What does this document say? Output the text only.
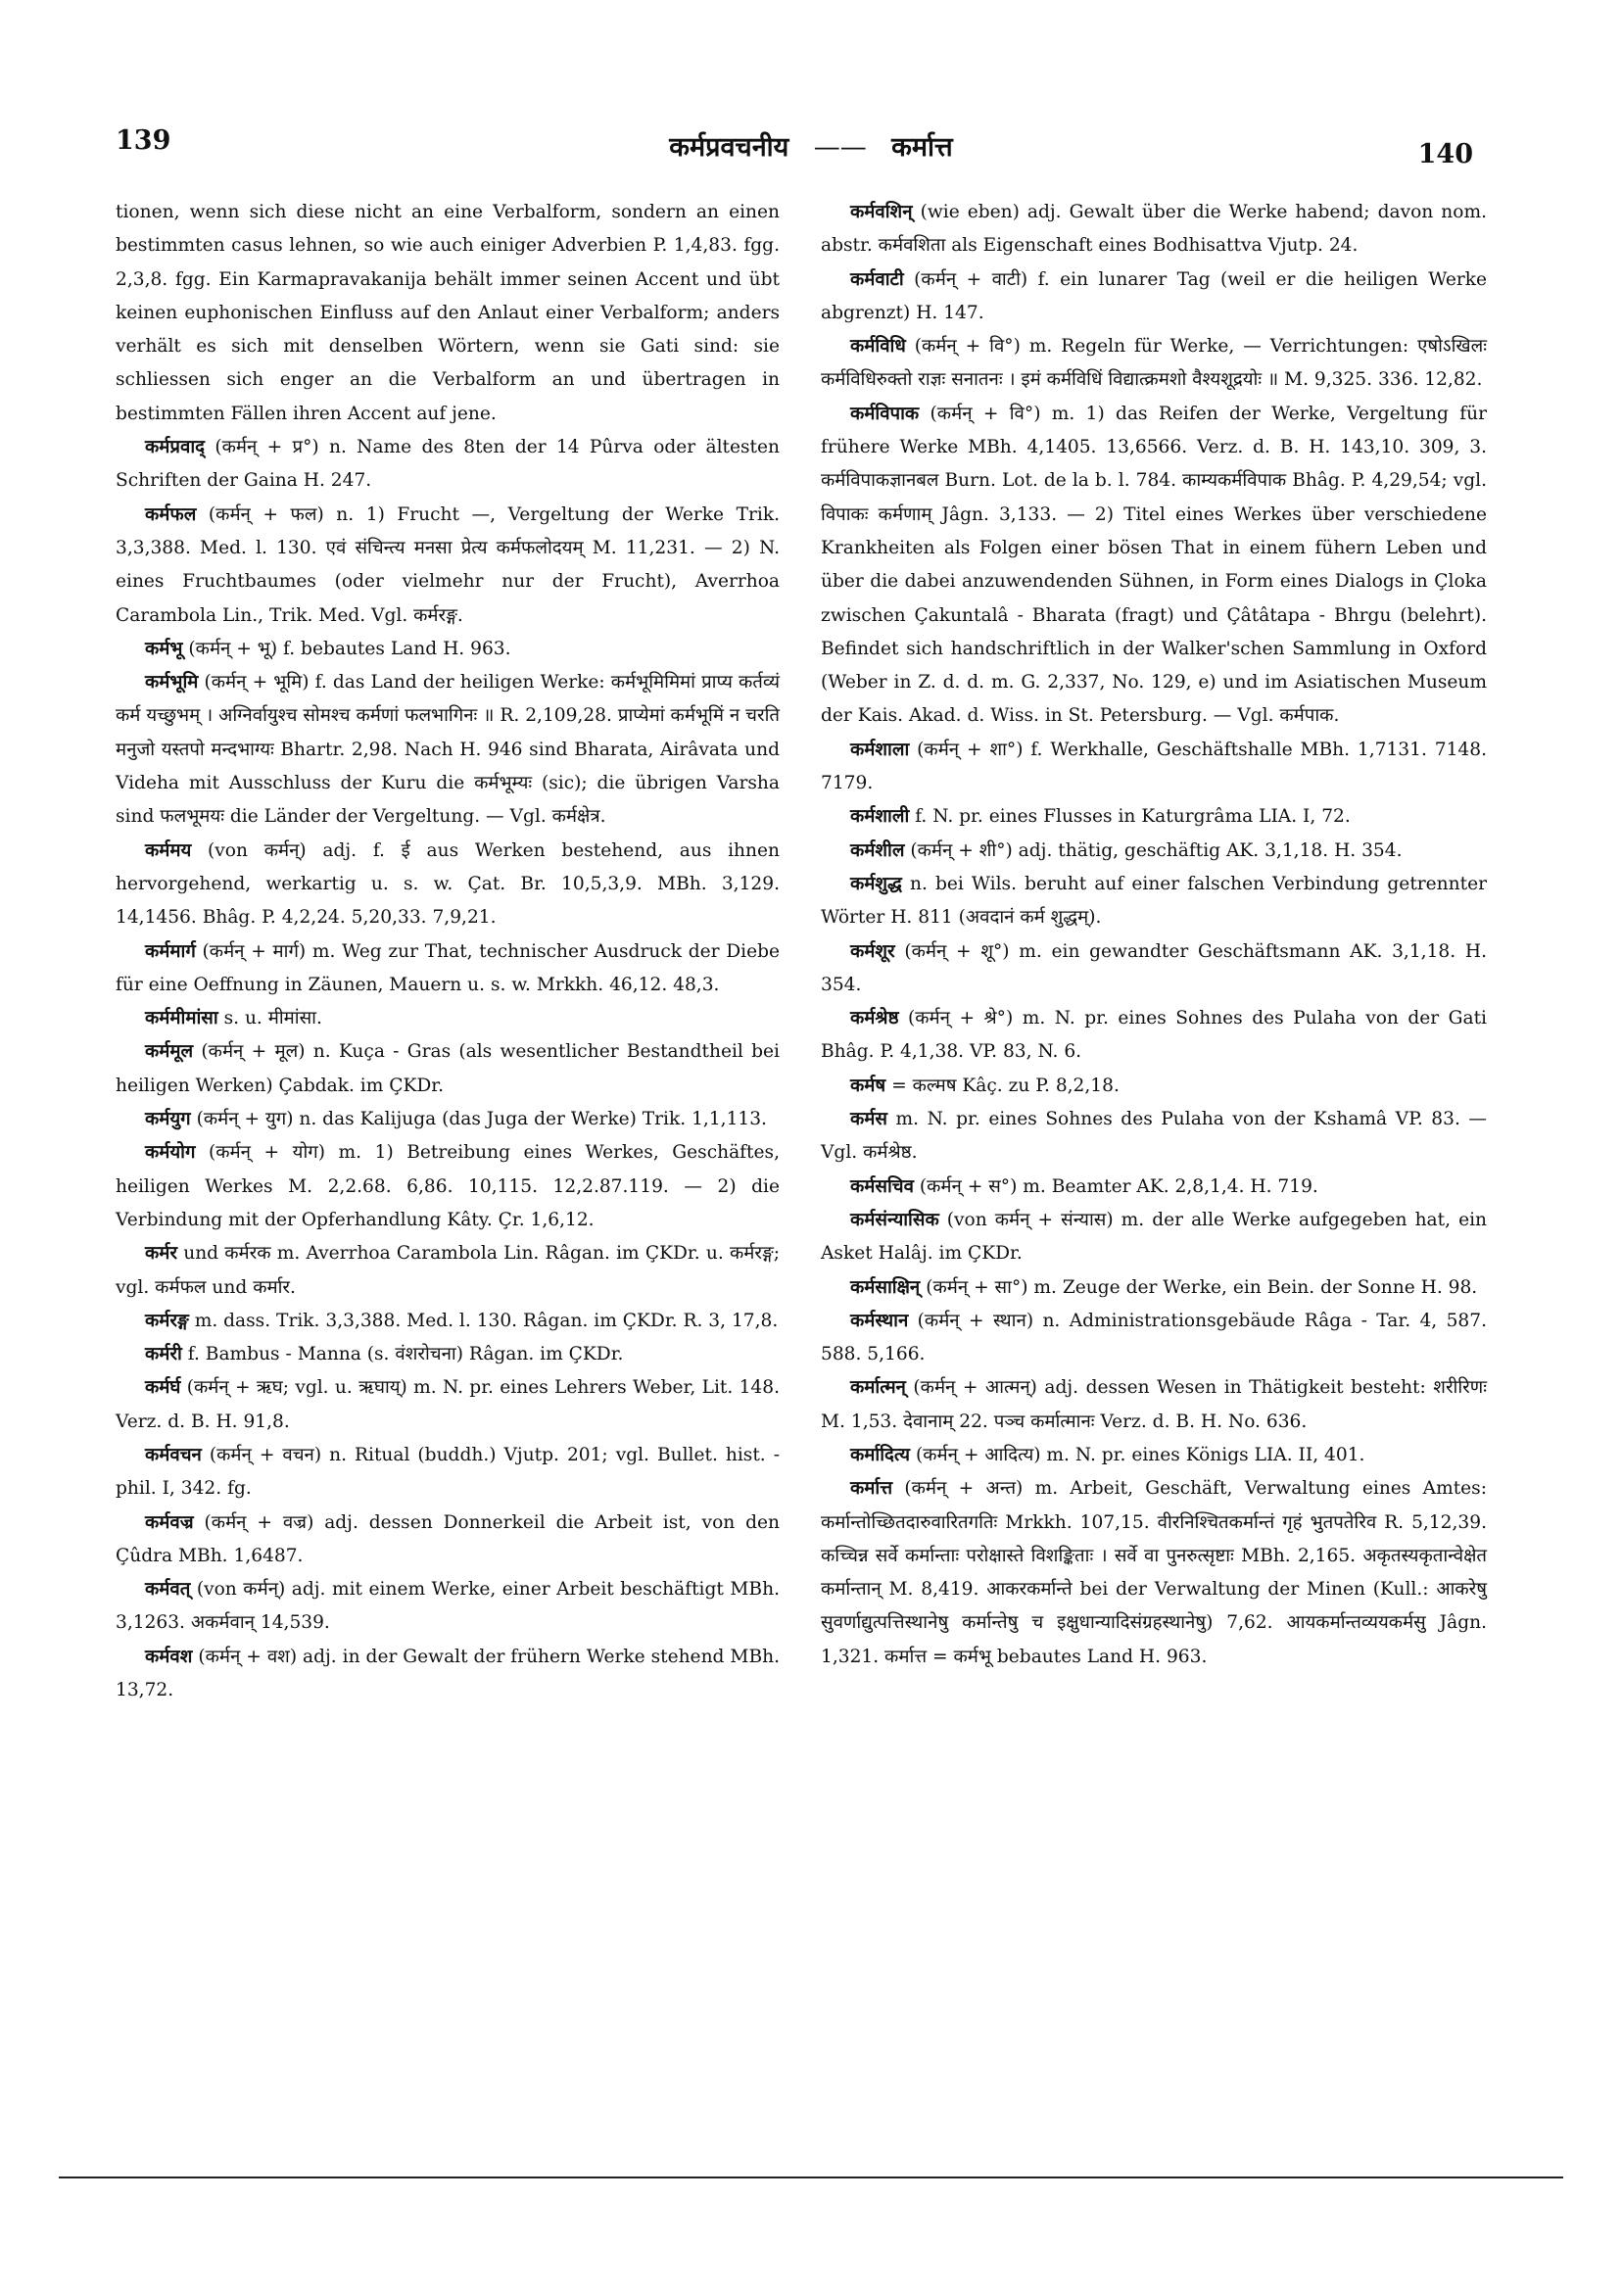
139	कर्मप्रवचनीय —— कर्मात्त	140

tionen, wenn sich diese nicht an eine Verbalform, sondern an einen bestimmten casus lehnen, so wie auch einiger Adverbien P. 1,4,83. fgg. 2,3,8. fgg. Ein Karmapravakanija behält immer seinen Accent und übt keinen euphonischen Einfluss auf den Anlaut einer Verbalform; anders verhält es sich mit denselben Wörtern, wenn sie Gati sind: sie schliessen sich enger an die Verbalform an und übertragen in bestimmten Fällen ihren Accent auf jene.

कर्मप्रवाद् (कर्मन् + प्र°) n. Name des 8ten der 14 Pûrva oder ältesten Schriften der Gaina H. 247.

कर्मफल (कर्मन् + फल) n. 1) Frucht —, Vergeltung der Werke Trik. 3,3,388. Med. l. 130. एवं संचिन्त्य मनसा प्रेत्य कर्मफलोदयम् M. 11,231. — 2) N. eines Fruchtbaumes (oder vielmehr nur der Frucht), Averrhoa Carambola Lin., Trik. Med. Vgl. कर्मरङ्ग.

कर्मभू (कर्मन् + भू) f. bebautes Land H. 963.

कर्मभूमि (कर्मन् + भूमि) f. das Land der heiligen Werke: कर्मभूमिमिमां प्राप्य कर्तव्यं कर्म यच्छुभम् । अग्निर्वायुश्च सोमश्च कर्मणां फलभागिनः ॥ R. 2,109,28. प्राप्येमां कर्मभूमिं न चरति मनुजो यस्तपो मन्दभाग्यः Bhartr. 2,98. Nach H. 946 sind Bharata, Airâvata und Videha mit Ausschluss der Kuru die कर्मभूम्यः (sic); die übrigen Varsha sind फलभूमयः die Länder der Vergeltung. — Vgl. कर्मक्षेत्र.

कर्ममय (von कर्मन्) adj. f. ई aus Werken bestehend, aus ihnen hervorgehend, werkartig u. s. w. Çat. Br. 10,5,3,9. MBh. 3,129. 14,1456. Bhâg. P. 4,2,24. 5,20,33. 7,9,21.

कर्ममार्ग (कर्मन् + मार्ग) m. Weg zur That, technischer Ausdruck der Diebe für eine Oeffnung in Zäunen, Mauern u. s. w. Mrkkh. 46,12. 48,3.

कर्ममीमांसा s. u. मीमांसा.

कर्ममूल (कर्मन् + मूल) n. Kuça - Gras (als wesentlicher Bestandtheil bei heiligen Werken) Çabdak. im ÇKDr.

कर्मयुग (कर्मन् + युग) n. das Kalijuga (das Juga der Werke) Trik. 1,1,113.

कर्मयोग (कर्मन् + योग) m. 1) Betreibung eines Werkes, Geschäftes, heiligen Werkes M. 2,2.68. 6,86. 10,115. 12,2.87.119. — 2) die Verbindung mit der Opferhandlung Kâty. Çr. 1,6,12.

कर्मर und कर्मरक m. Averrhoa Carambola Lin. Râgan. im ÇKDr. u. कर्मरङ्ग; vgl. कर्मफल und कर्मार.

कर्मरङ्ग m. dass. Trik. 3,3,388. Med. l. 130. Râgan. im ÇKDr. R. 3, 17,8.

कर्मरी f. Bambus - Manna (s. वंशरोचना) Râgan. im ÇKDr.

कर्मर्घ (कर्मन् + ऋघ; vgl. u. ऋघाय्) m. N. pr. eines Lehrers Weber, Lit. 148. Verz. d. B. H. 91,8.

कर्मवचन (कर्मन् + वचन) n. Ritual (buddh.) Vjutp. 201; vgl. Bullet. hist. - phil. I, 342. fg.

कर्मवज्र (कर्मन् + वज्र) adj. dessen Donnerkeil die Arbeit ist, von den Çûdra MBh. 1,6487.

कर्मवत् (von कर्मन्) adj. mit einem Werke, einer Arbeit beschäftigt MBh. 3,1263. अकर्मवान् 14,539.

कर्मवश (कर्मन् + वश) adj. in der Gewalt der frühern Werke stehend MBh. 13,72.

कर्मवशिन् (wie eben) adj. Gewalt über die Werke habend; davon nom. abstr. कर्मवशिता als Eigenschaft eines Bodhisattva Vjutp. 24.

कर्मवाटी (कर्मन् + वाटी) f. ein lunarer Tag (weil er die heiligen Werke abgrenzt) H. 147.

कर्मविधि (कर्मन् + वि°) m. Regeln für Werke, — Verrichtungen: एषोऽखिलः कर्मविधिरुक्तो राज्ञः सनातनः । इमं कर्मविधिं विद्यात्क्रमशो वैश्यशूद्रयोः ॥ M. 9,325. 336. 12,82.

कर्मविपाक (कर्मन् + वि°) m. 1) das Reifen der Werke, Vergeltung für frühere Werke MBh. 4,1405. 13,6566. Verz. d. B. H. 143,10. 309, 3. कर्मविपाकज्ञानबल Burn. Lot. de la b. l. 784. काम्यकर्मविपाक Bhâg. P. 4,29,54; vgl. विपाकः कर्मणाम् Jâgn. 3,133. — 2) Titel eines Werkes über verschiedene Krankheiten als Folgen einer bösen That in einem fühern Leben und über die dabei anzuwendenden Sühnen, in Form eines Dialogs in Çloka zwischen Çakuntalâ - Bharata (fragt) und Çâtâtapa - Bhrgu (belehrt). Befindet sich handschriftlich in der Walker'schen Sammlung in Oxford (Weber in Z. d. d. m. G. 2,337, No. 129, e) und im Asiatischen Museum der Kais. Akad. d. Wiss. in St. Petersburg. — Vgl. कर्मपाक.

कर्मशाला (कर्मन् + शा°) f. Werkhalle, Geschäftshalle MBh. 1,7131. 7148. 7179.

कर्मशाली f. N. pr. eines Flusses in Katurgrâma LIA. I, 72.

कर्मशील (कर्मन् + शी°) adj. thätig, geschäftig AK. 3,1,18. H. 354.

कर्मशुद्ध n. bei Wils. beruht auf einer falschen Verbindung getrennter Wörter H. 811 (अवदानं कर्म शुद्धम्).

कर्मशूर (कर्मन् + शू°) m. ein gewandter Geschäftsmann AK. 3,1,18. H. 354.

कर्मश्रेष्ठ (कर्मन् + श्रे°) m. N. pr. eines Sohnes des Pulaha von der Gati Bhâg. P. 4,1,38. VP. 83, N. 6.

कर्मष = कल्मष Kâç. zu P. 8,2,18.

कर्मस m. N. pr. eines Sohnes des Pulaha von der Kshamâ VP. 83. — Vgl. कर्मश्रेष्ठ.

कर्मसचिव (कर्मन् + स°) m. Beamter AK. 2,8,1,4. H. 719.

कर्मसंन्यासिक (von कर्मन् + संन्यास) m. der alle Werke aufgegeben hat, ein Asket Halâj. im ÇKDr.

कर्मसाक्षिन् (कर्मन् + सा°) m. Zeuge der Werke, ein Bein. der Sonne H. 98.

कर्मस्थान (कर्मन् + स्थान) n. Administrationsgebäude Râga - Tar. 4, 587. 588. 5,166.

कर्मात्मन् (कर्मन् + आत्मन्) adj. dessen Wesen in Thätigkeit besteht: शरीरिणः M. 1,53. देवानाम् 22. पञ्च कर्मात्मानः Verz. d. B. H. No. 636.

कर्मादित्य (कर्मन् + आदित्य) m. N. pr. eines Königs LIA. II, 401.

कर्मात्त (कर्मन् + अन्त) m. Arbeit, Geschäft, Verwaltung eines Amtes: कर्मान्तोच्छितदारुवारितगतिः Mrkkh. 107,15. वीरनिश्चितकर्मान्तं गृहं भुतपतेरिव R. 5,12,39. कच्चिन्न सर्वे कर्मान्ताः परोक्षास्ते विशङ्किताः । सर्वे वा पुनरुत्सृष्टाः MBh. 2,165. अकृतस्यकृतान्वेक्षेत कर्मान्तान् M. 8,419. आकरकर्मान्ते bei der Verwaltung der Minen (Kull.: आकरेषु सुवर्णाद्युत्पत्तिस्थानेषु कर्मान्तेषु च इक्षुधान्यादिसंग्रहस्थानेषु) 7,62. आयकर्मान्तव्ययकर्मसु Jâgn. 1,321. कर्मात्त = कर्मभू bebautes Land H. 963.
